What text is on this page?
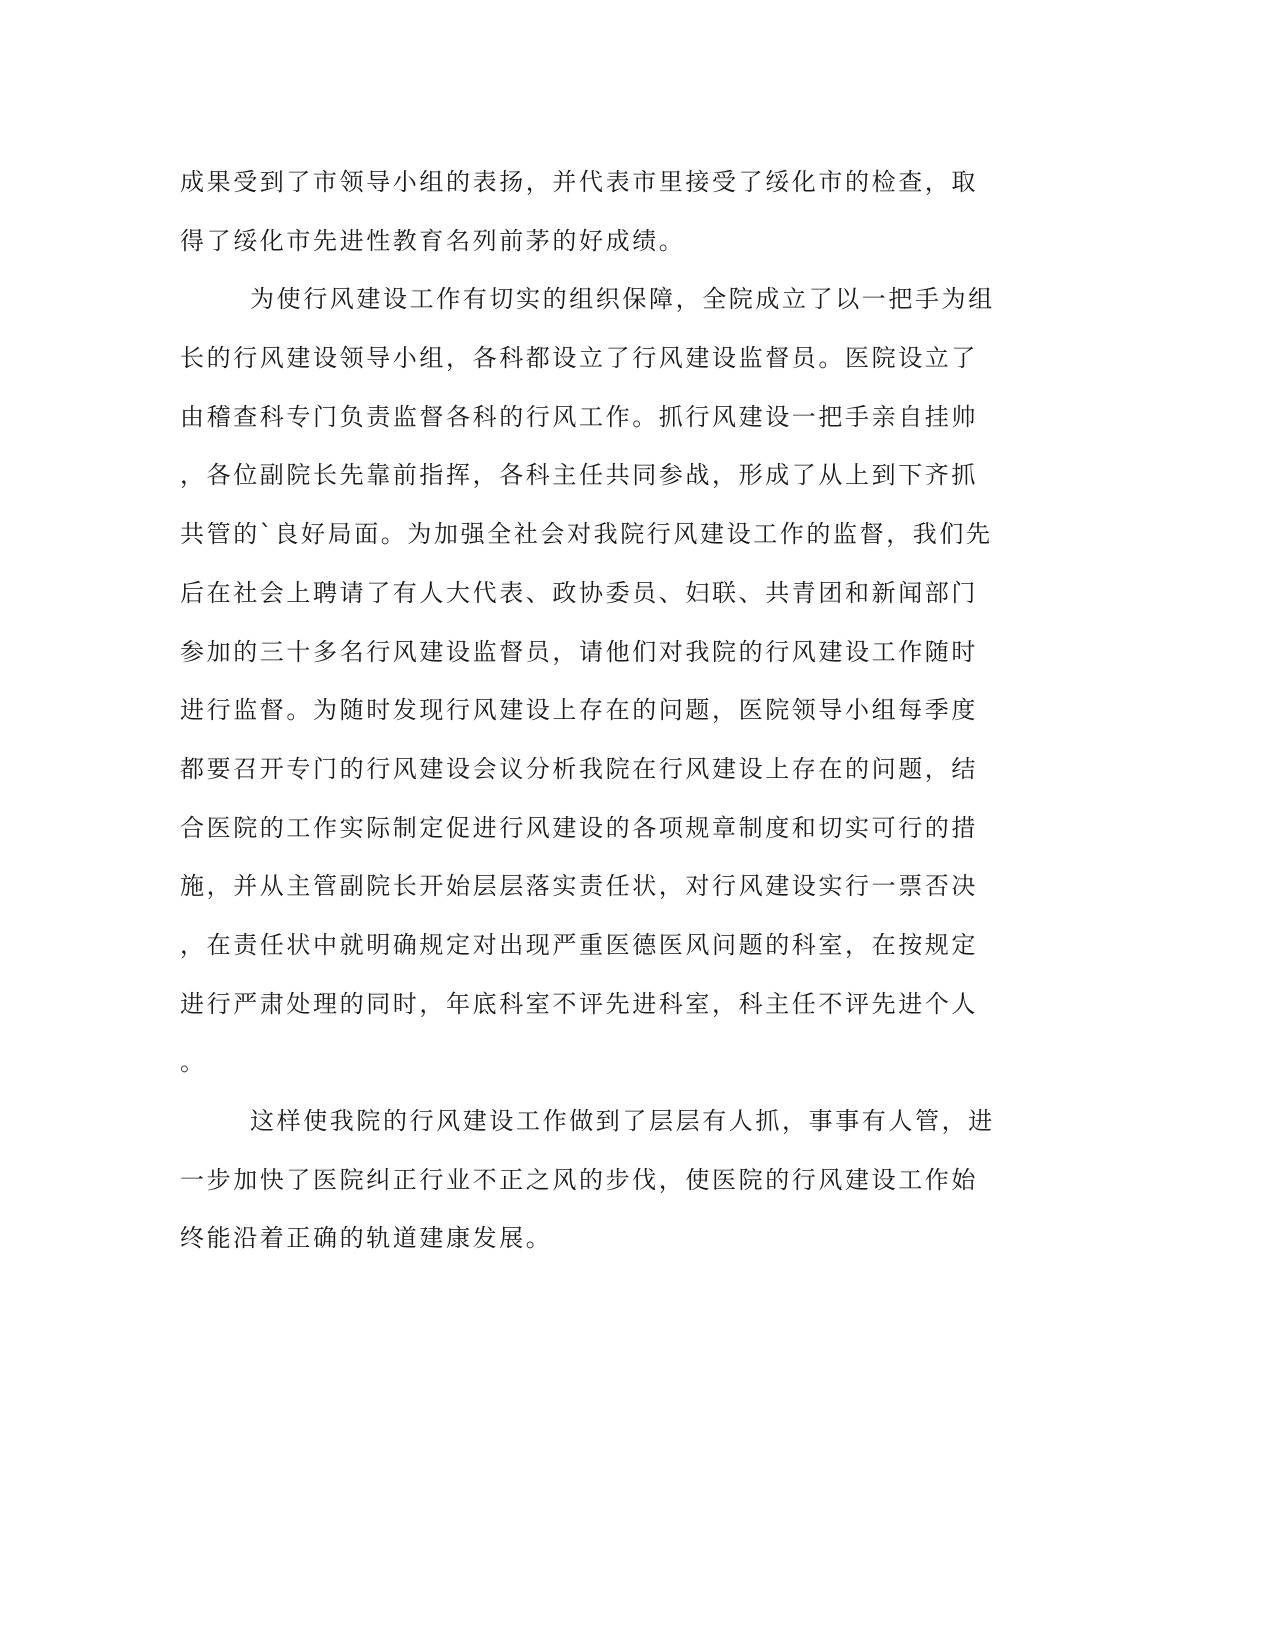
成果受到了市领导小组的表扬，并代表市里接受了绥化市的检查，取
得了绥化市先进性教育名列前茅的好成绩。
为使行风建设工作有切实的组织保障，全院成立了以一把手为组
长的行风建设领导小组，各科都设立了行风建设监督员。医院设立了
由稽查科专门负责监督各科的行风工作。抓行风建设一把手亲自挂帅
，各位副院长先靠前指挥，各科主任共同参战，形成了从上到下齐抓
共管的`良好局面。为加强全社会对我院行风建设工作的监督，我们先
后在社会上聘请了有人大代表、政协委员、妇联、共青团和新闻部门
参加的三十多名行风建设监督员，请他们对我院的行风建设工作随时
进行监督。为随时发现行风建设上存在的问题，医院领导小组每季度
都要召开专门的行风建设会议分析我院在行风建设上存在的问题，结
合医院的工作实际制定促进行风建设的各项规章制度和切实可行的措
施，并从主管副院长开始层层落实责任状，对行风建设实行一票否决
，在责任状中就明确规定对出现严重医德医风问题的科室，在按规定
进行严肃处理的同时，年底科室不评先进科室，科主任不评先进个人
。
这样使我院的行风建设工作做到了层层有人抓，事事有人管，进
一步加快了医院纠正行业不正之风的步伐，使医院的行风建设工作始
终能沿着正确的轨道建康发展。
